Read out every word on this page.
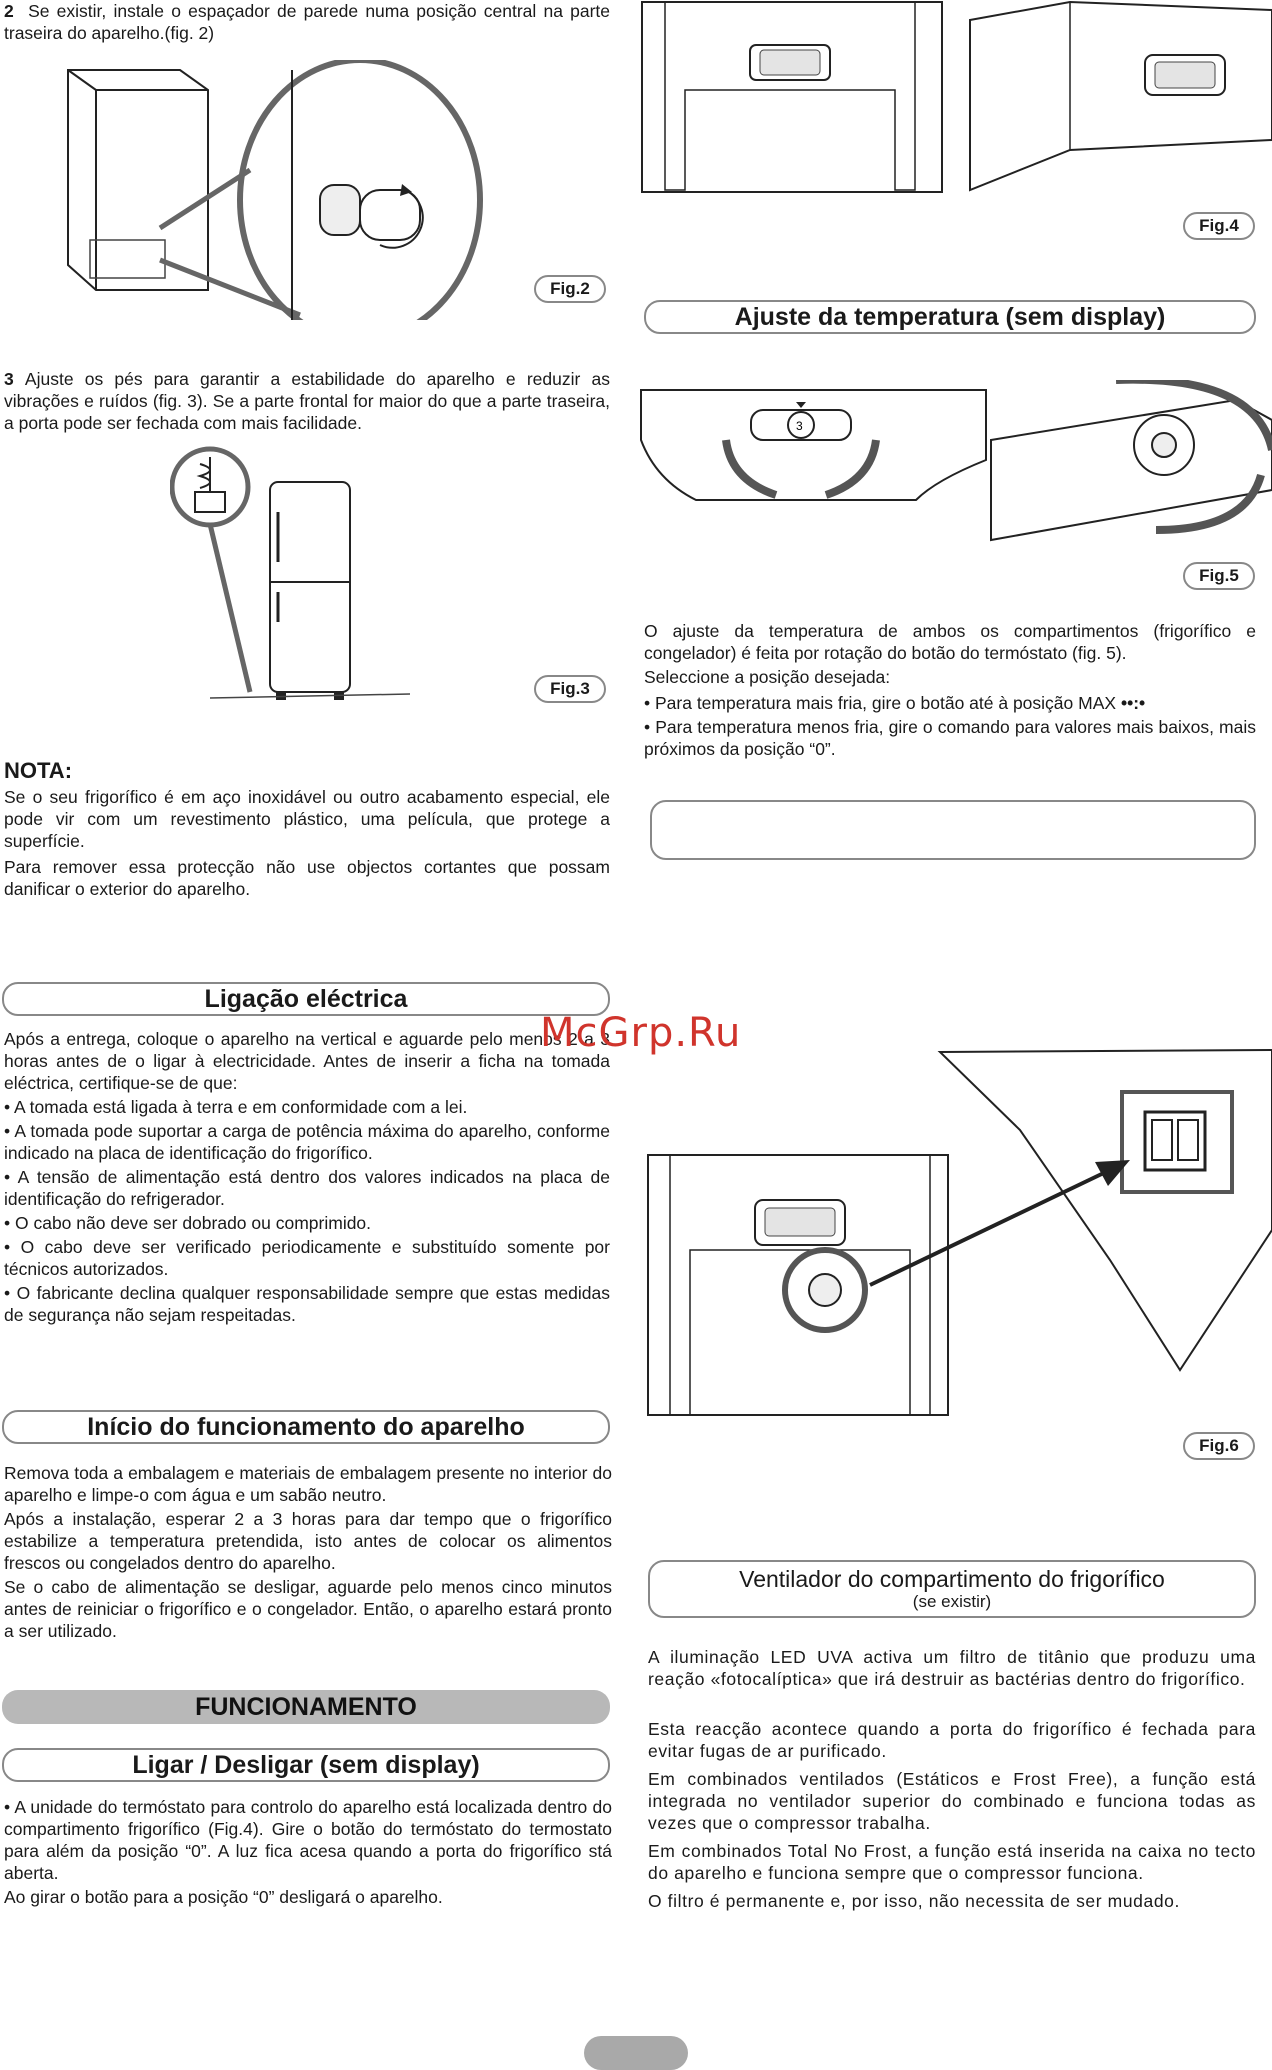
2 Se existir, instale o espaçador de parede numa posição central na parte traseira do aparelho.(fig. 2)

Fig.2

3 Ajuste os pés para garantir a estabilidade do aparelho e reduzir as vibrações e ruídos (fig. 3). Se a parte frontal for maior do que a parte traseira, a porta pode ser fechada com mais facilidade.

Fig.3
NOTA:

Se o seu frigorífico é em aço inoxidável ou outro acabamento especial, ele pode vir com um revestimento plástico, uma película, que protege a superfície.

Para remover essa protecção não use objectos cortantes que possam danificar o exterior do aparelho.

Ligação eléctrica

Após a entrega, coloque o aparelho na vertical e aguarde pelo menos 2 a 3 horas antes de o ligar à electricidade. Antes de inserir a ficha na tomada eléctrica, certifique-se de que:

• A tomada está ligada à terra e em conformidade com a lei.
• A tomada pode suportar a carga de potência máxima do aparelho, conforme indicado na placa de identificação do frigorífico.
• A tensão de alimentação está dentro dos valores indicados na placa de identificação do refrigerador.
• O cabo não deve ser dobrado ou comprimido.
• O cabo deve ser verificado periodicamente e substituído somente por técnicos autorizados.
• O fabricante declina qualquer responsabilidade sempre que estas medidas de segurança não sejam respeitadas.
Início do funcionamento do aparelho

Remova toda a embalagem e materiais de embalagem presente no interior do aparelho e limpe-o com água e um sabão neutro.

Após a instalação, esperar 2 a 3 horas para dar tempo que o frigorífico estabilize a temperatura pretendida, isto antes de colocar os alimentos frescos ou congelados dentro do aparelho.

Se o cabo de alimentação se desligar, aguarde pelo menos cinco minutos antes de reiniciar o frigorífico e o congelador. Então, o aparelho estará pronto a ser utilizado.

FUNCIONAMENTO
Ligar / Desligar (sem display)

• A unidade do termóstato para controlo do aparelho está localizada dentro do compartimento frigorífico (Fig.4). Gire o botão do termóstato do termostato para além da posição “0”. A luz fica acesa quando a porta do frigorífico stá aberta.

Ao girar o botão para a posição “0” desligará o aparelho.

Fig.4
Ajuste da temperatura (sem display)
3
Fig.5

O ajuste da temperatura de ambos os compartimentos (frigorífico e congelador) é feita por rotação do botão do termóstato (fig. 5).

Seleccione a posição desejada:

• Para temperatura mais fria, gire o botão até à posição MAX ••:•

• Para temperatura menos fria, gire o comando para valores mais baixos, mais próximos da posição “0”.

Fig.6
Ventilador do compartimento do frigorífico
(se existir)

A iluminação LED UVA activa um filtro de titânio que produzu uma reação «fotocalíptica» que irá destruir as bactérias dentro do frigorífico.

Esta reacção acontece quando a porta do frigorífico é fechada para evitar fugas de ar purificado.

Em combinados ventilados (Estáticos e Frost Free), a função está integrada no ventilador superior do combinado e funciona todas as vezes que o compressor trabalha.

Em combinados Total No Frost, a função está inserida na caixa no tecto do aparelho e funciona sempre que o compressor funciona.

O filtro é permanente e, por isso, não necessita de ser mudado.

McGrp.Ru
